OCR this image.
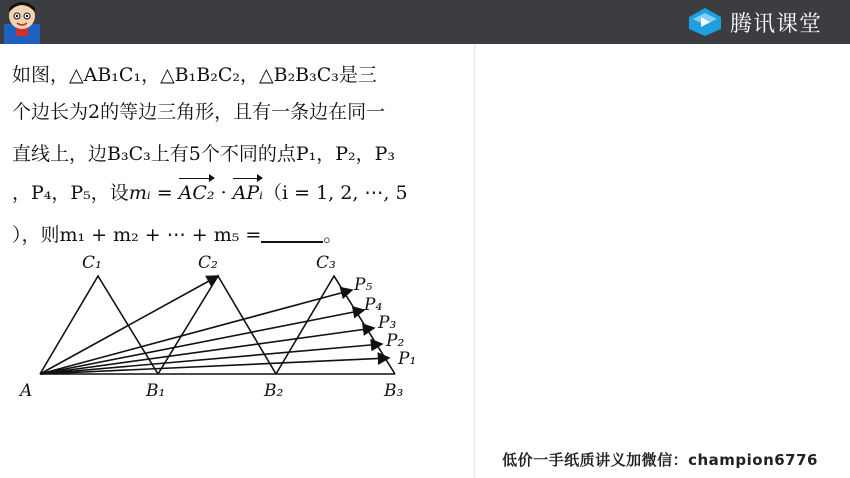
腾讯课堂
如图，△AB₁C₁，△B₁B₂C₂，△B₂B₃C₃是三
个边长为2的等边三角形，且有一条边在同一
直线上，边B₃C₃上有5个不同的点P₁，P₂，P₃
，P₄，P₅，设mᵢ = AC₂ · APᵢ（i = 1, 2, ⋯, 5
），则m₁ + m₂ + ⋯ + m₅ =	。
C₁	C₂	C₃
A	B₁	B₂	B₃
P₅
P₄
P₃
P₂
P₁
低价一手纸质讲义加微信：champion6776
